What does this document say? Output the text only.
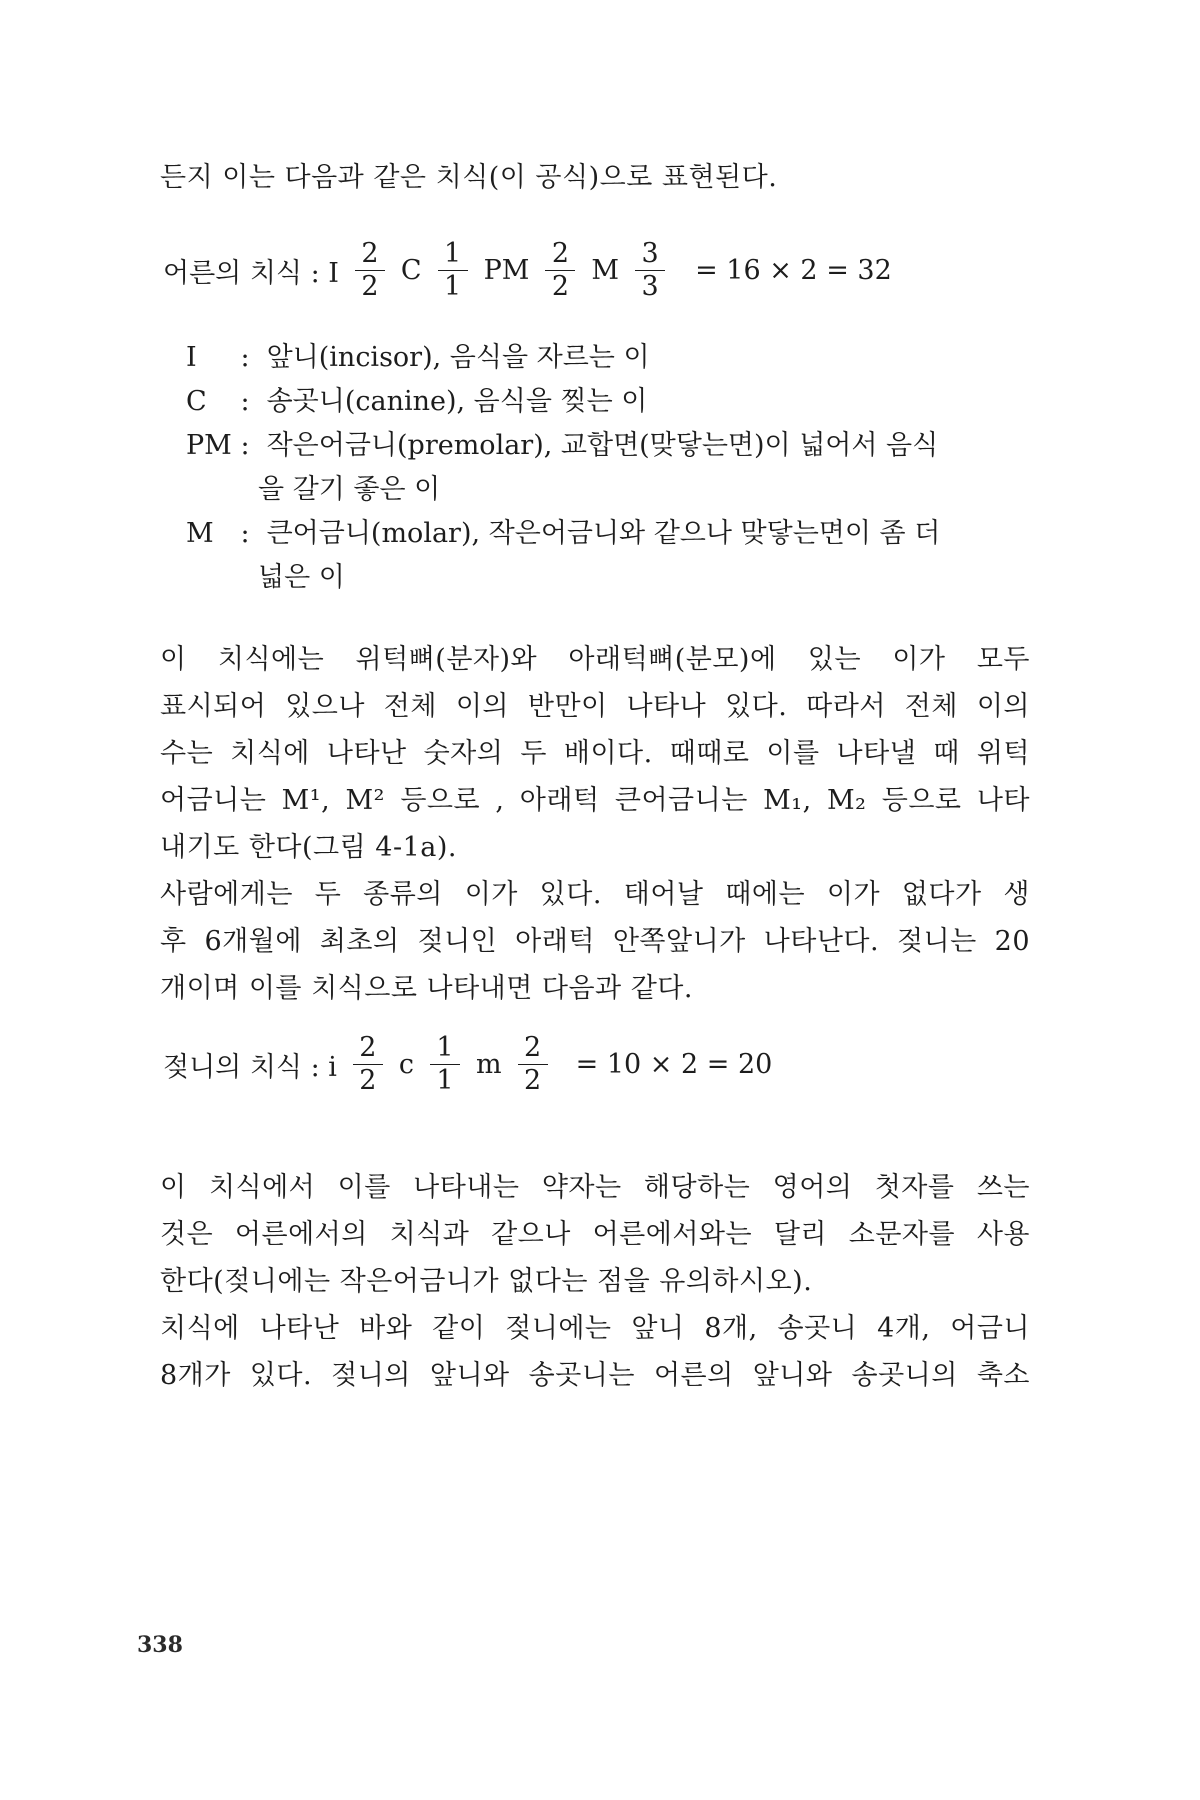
든지 이는 다음과 같은 치식(이 공식)으로 표현된다.
어른의 치식 : I $\frac{2}{2}$ C $\frac{1}{1}$ PM $\frac{2}{2}$ M $\frac{3}{3} = 16 \times 2 = 32$
I : 앞니(incisor), 음식을 자르는 이
C : 송곳니(canine), 음식을 찢는 이
PM : 작은어금니(premolar), 교합면(맞닿는면)이 넓어서 음식
을 갈기 좋은 이
M : 큰어금니(molar), 작은어금니와 같으나 맞닿는면이 좀 더
넓은 이
이 치식에는 위턱뼈(분자)와 아래턱뼈(분모)에 있는 이가 모두
표시되어 있으나 전체 이의 반만이 나타나 있다. 따라서 전체 이의
수는 치식에 나타난 숫자의 두 배이다. 때때로 이를 나타낼 때 위턱
어금니는 M¹, M² 등으로 , 아래턱 큰어금니는 M₁, M₂ 등으로 나타
내기도 한다(그림 4-1a).
사람에게는 두 종류의 이가 있다. 태어날 때에는 이가 없다가 생
후 6개월에 최초의 젖니인 아래턱 안쪽앞니가 나타난다. 젖니는 20
개이며 이를 치식으로 나타내면 다음과 같다.
젖니의 치식 : i $\frac{2}{2}$ c $\frac{1}{1}$ m $\frac{2}{2} = 10 \times 2 = 20$
이 치식에서 이를 나타내는 약자는 해당하는 영어의 첫자를 쓰는
것은 어른에서의 치식과 같으나 어른에서와는 달리 소문자를 사용
한다(젖니에는 작은어금니가 없다는 점을 유의하시오).
치식에 나타난 바와 같이 젖니에는 앞니 8개, 송곳니 4개, 어금니
8개가 있다. 젖니의 앞니와 송곳니는 어른의 앞니와 송곳니의 축소
338
